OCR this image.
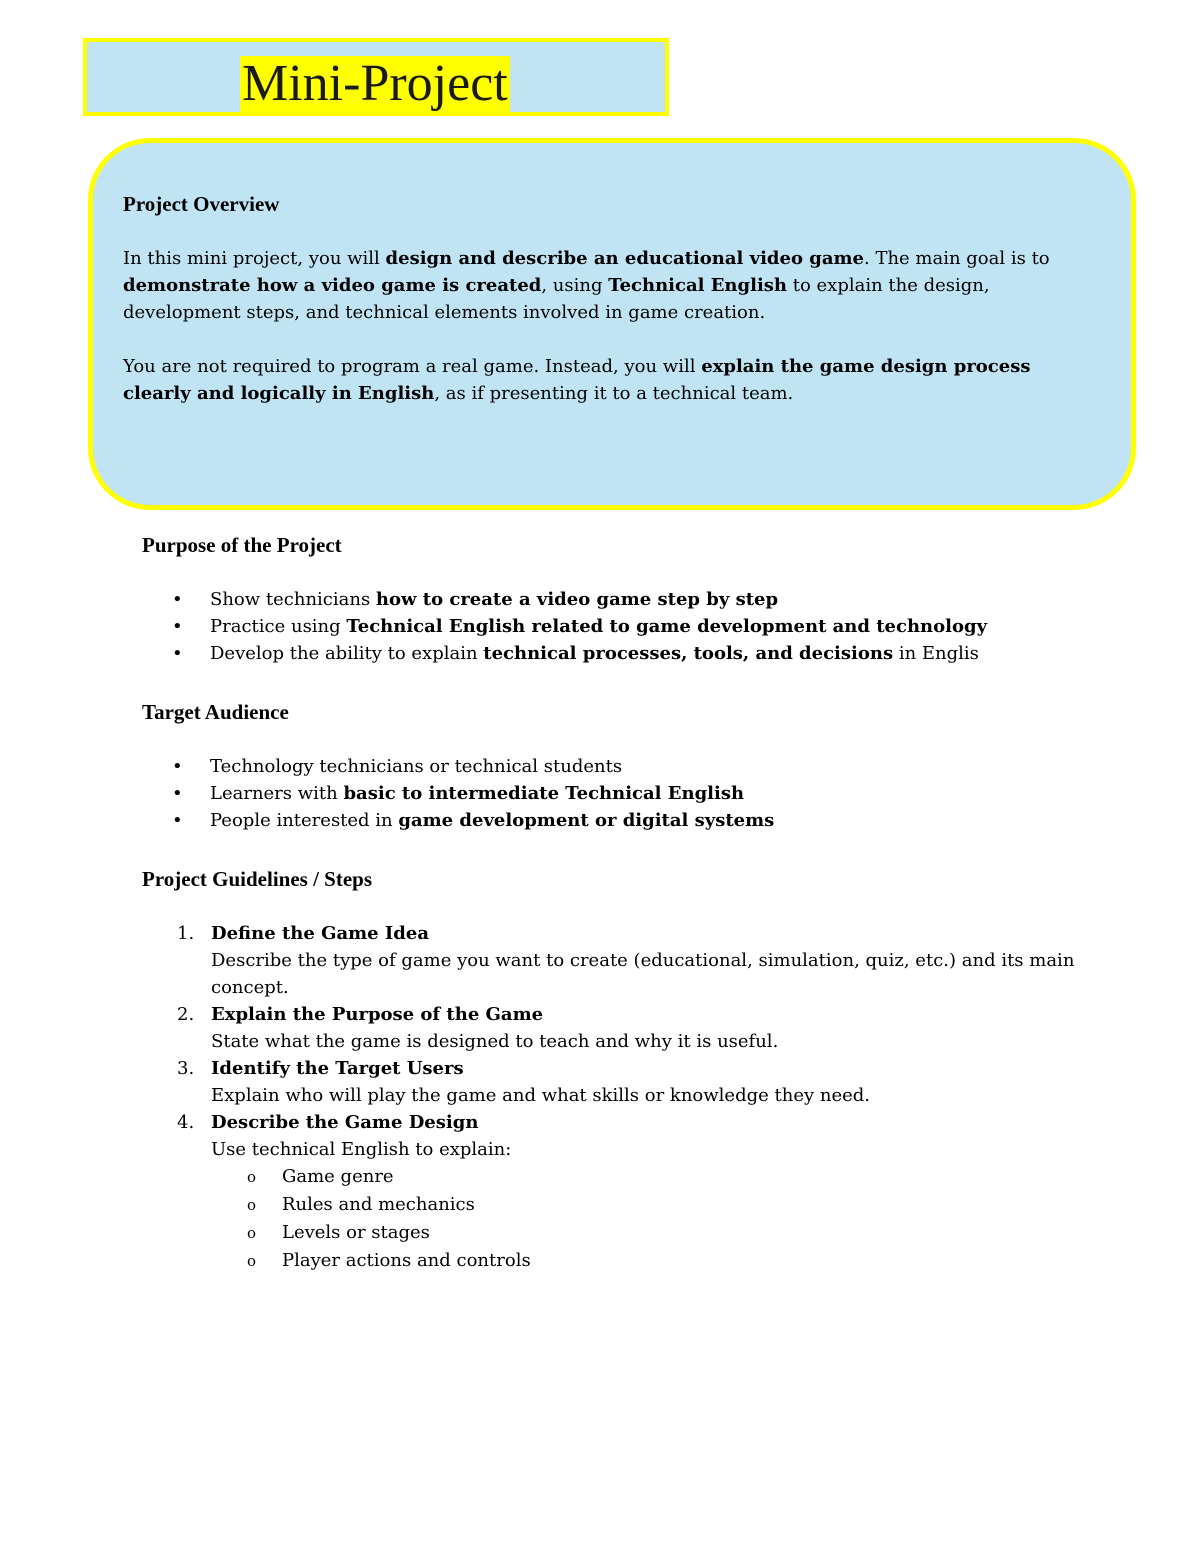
Mini-Project
Project Overview

In this mini project, you will design and describe an educational video game. The main goal is to demonstrate how a video game is created, using Technical English to explain the design, development steps, and technical elements involved in game creation.

You are not required to program a real game. Instead, you will explain the game design process clearly and logically in English, as if presenting it to a technical team.

Purpose of the Project
• Show technicians how to create a video game step by step
• Practice using Technical English related to game development and technology
• Develop the ability to explain technical processes, tools, and decisions in Englis
Target Audience
• Technology technicians or technical students
• Learners with basic to intermediate Technical English
• People interested in game development or digital systems
Project Guidelines / Steps
1. Define the Game Idea
Describe the type of game you want to create (educational, simulation, quiz, etc.) and its main concept.
2. Explain the Purpose of the Game
State what the game is designed to teach and why it is useful.
3. Identify the Target Users
Explain who will play the game and what skills or knowledge they need.
4. Describe the Game Design
Use technical English to explain:
o Game genre
o Rules and mechanics
o Levels or stages
o Player actions and controls
